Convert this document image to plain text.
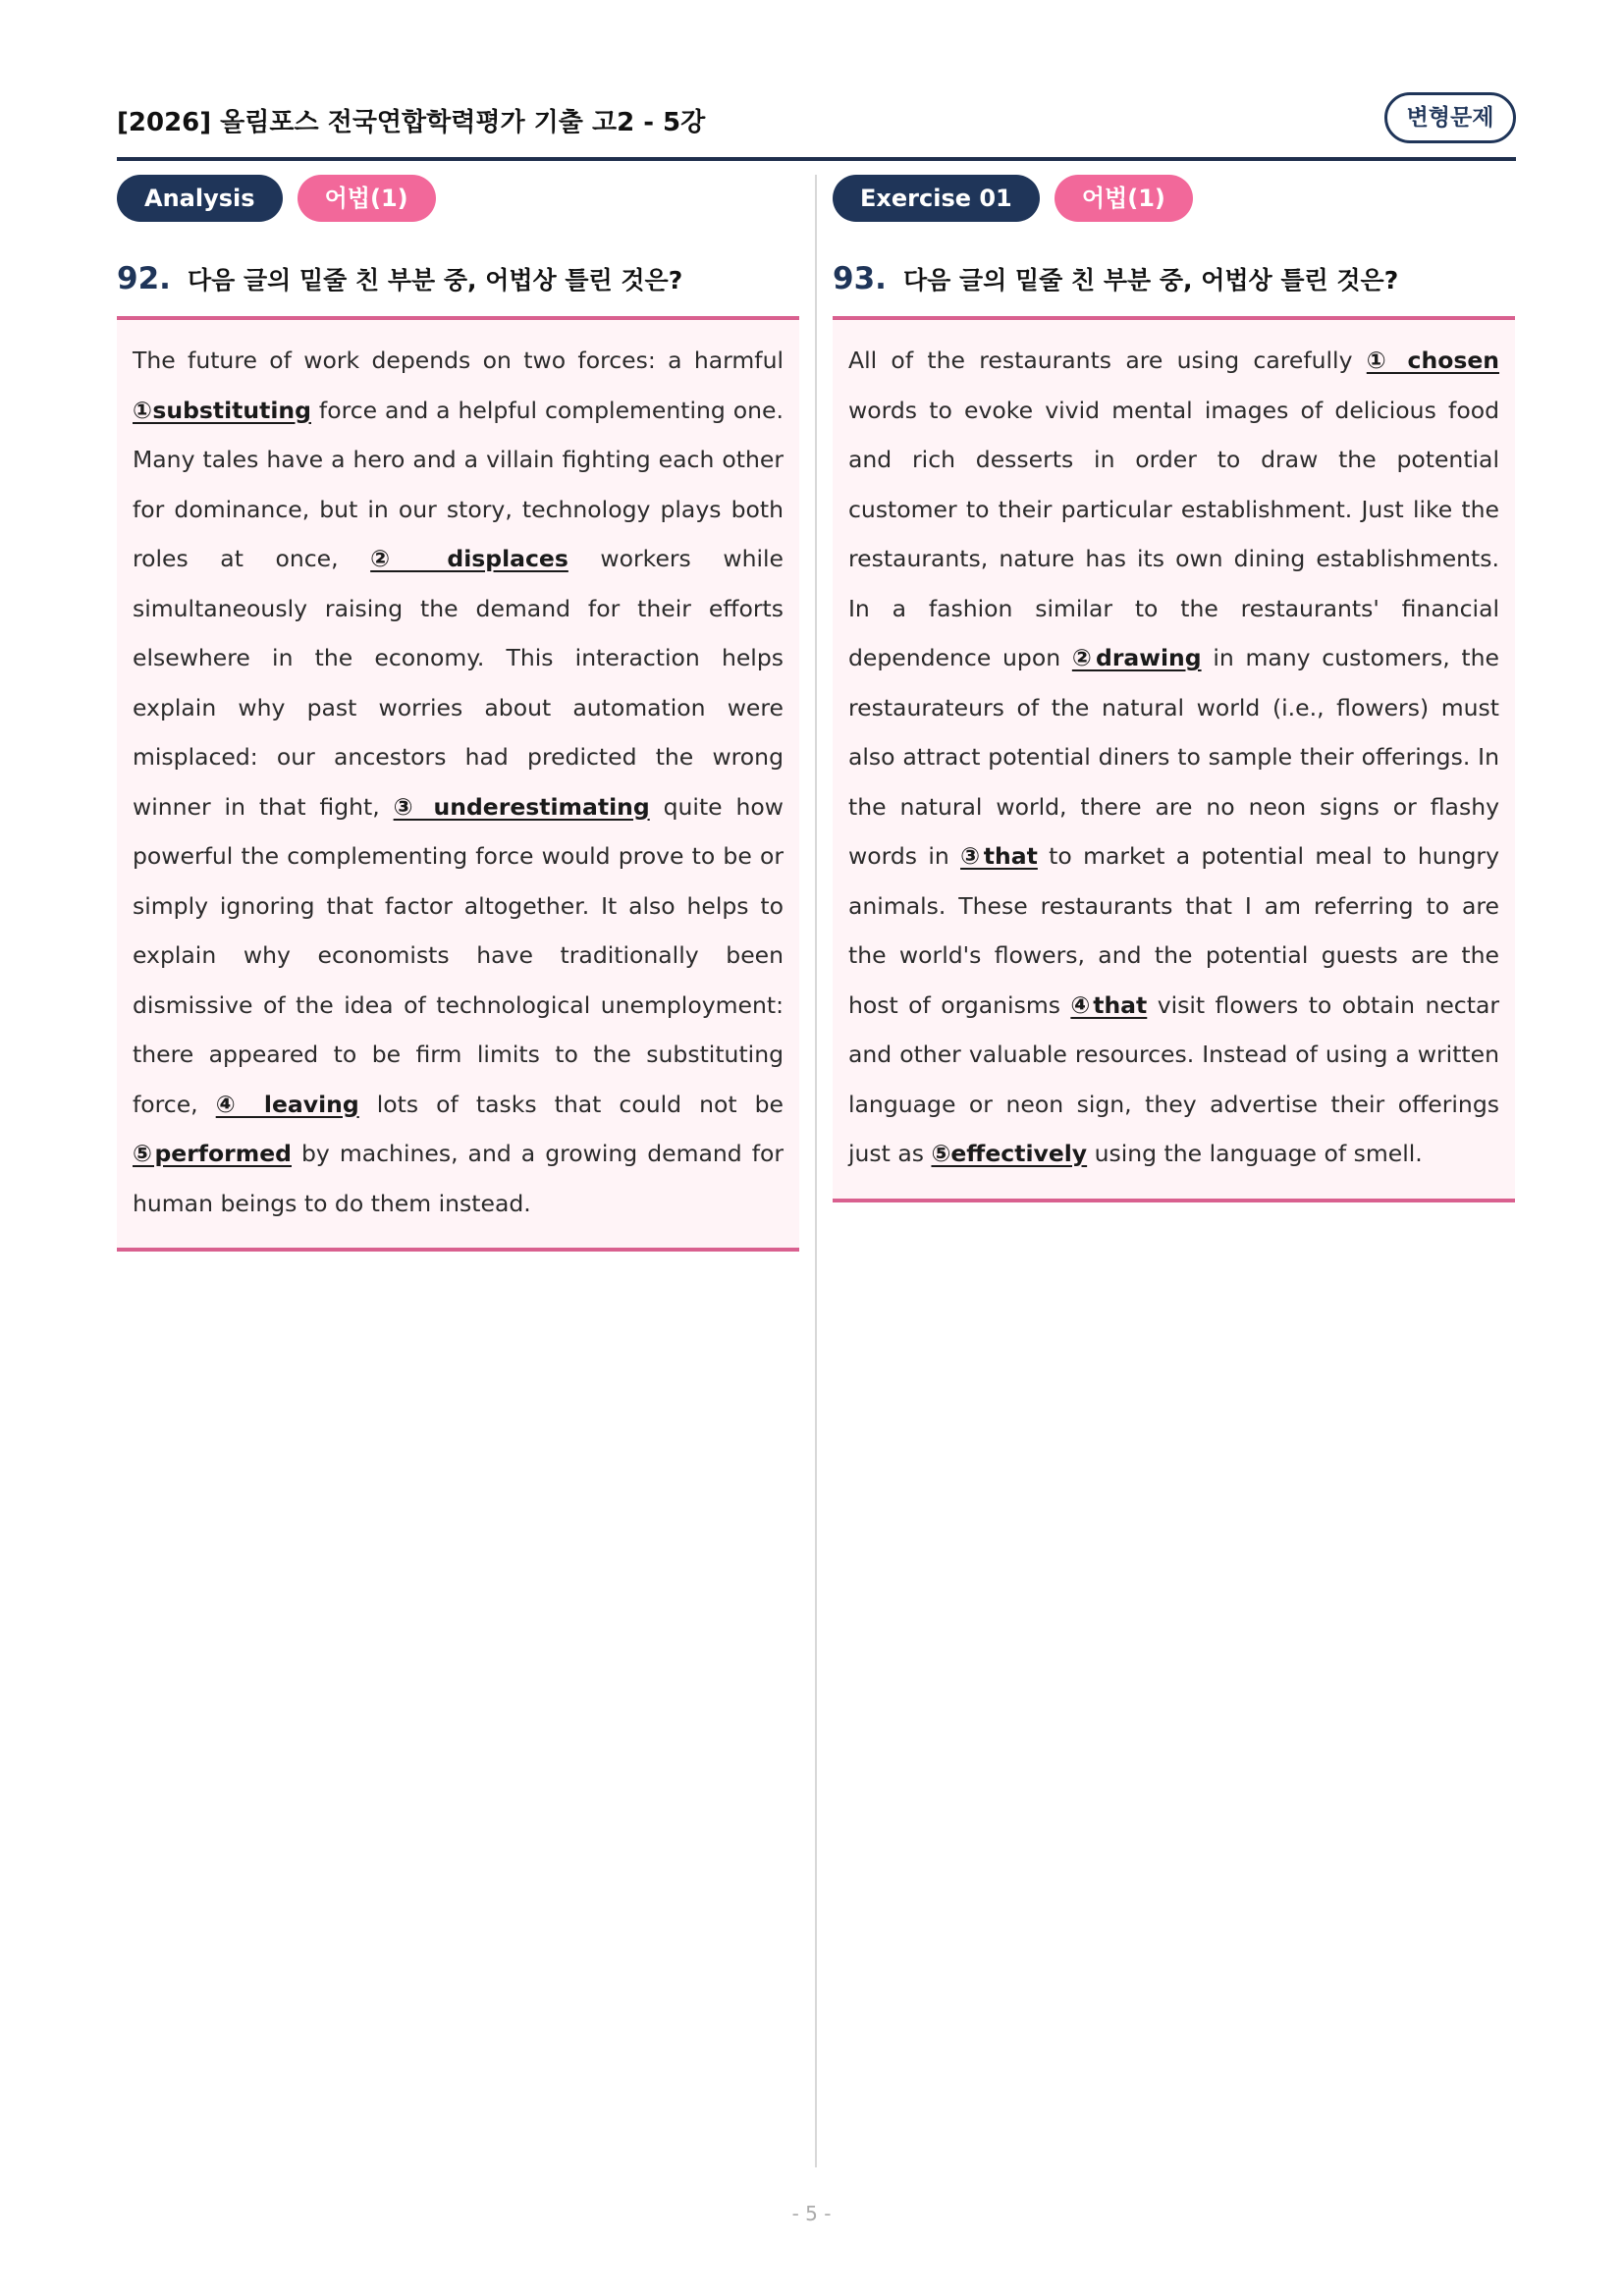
[2026] 올림포스 전국연합학력평가 기출 고2 - 5강	변형문제
Analysis	어법(1)
92. 다음 글의 밑줄 친 부분 중, 어법상 틀린 것은?

The future of work depends on two forces: a harmful ①substituting force and a helpful complementing one. Many tales have a hero and a villain fighting each other for dominance, but in our story, technology plays both roles at once, ② displaces workers while simultaneously raising the demand for their efforts elsewhere in the economy. This interaction helps explain why past worries about automation were misplaced: our ancestors had predicted the wrong winner in that fight, ③ underestimating quite how powerful the complementing force would prove to be or simply ignoring that factor altogether. It also helps to explain why economists have traditionally been dismissive of the idea of technological unemployment: there appeared to be firm limits to the substituting force, ④ leaving lots of tasks that could not be ⑤performed by machines, and a growing demand for human beings to do them instead.

Exercise 01	어법(1)
93. 다음 글의 밑줄 친 부분 중, 어법상 틀린 것은?

All of the restaurants are using carefully ① chosen words to evoke vivid mental images of delicious food and rich desserts in order to draw the potential customer to their particular establishment. Just like the restaurants, nature has its own dining establishments. In a fashion similar to the restaurants' financial dependence upon ②drawing in many customers, the restaurateurs of the natural world (i.e., flowers) must also attract potential diners to sample their offerings. In the natural world, there are no neon signs or flashy words in ③that to market a potential meal to hungry animals. These restaurants that I am referring to are the world's flowers, and the potential guests are the host of organisms ④that visit flowers to obtain nectar and other valuable resources. Instead of using a written language or neon sign, they advertise their offerings just as ⑤effectively using the language of smell.

- 5 -
